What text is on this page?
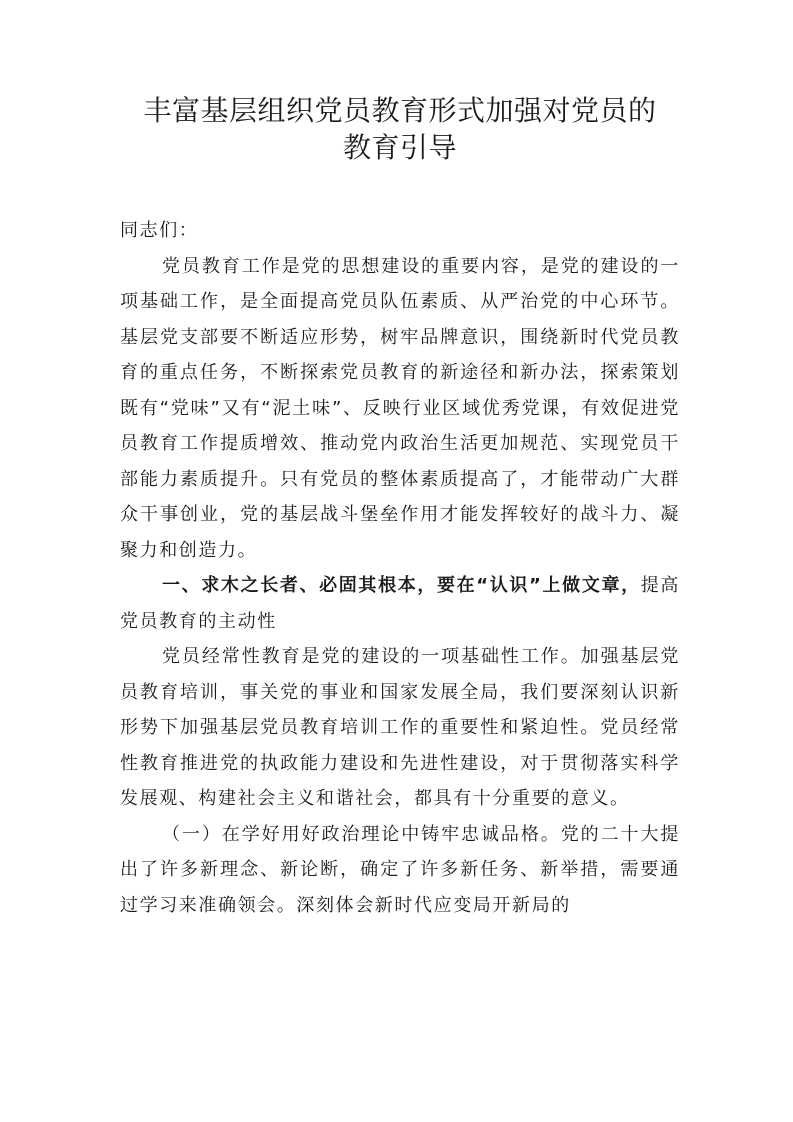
丰富基层组织党员教育形式加强对党员的
教育引导

同志们：

党员教育工作是党的思想建设的重要内容，是党的建设的一项基础工作，是全面提高党员队伍素质、从严治党的中心环节。基层党支部要不断适应形势，树牢品牌意识，围绕新时代党员教育的重点任务，不断探索党员教育的新途径和新办法，探索策划既有“党味”又有“泥土味”、反映行业区域优秀党课，有效促进党员教育工作提质增效、推动党内政治生活更加规范、实现党员干部能力素质提升。只有党员的整体素质提高了，才能带动广大群众干事创业，党的基层战斗堡垒作用才能发挥较好的战斗力、凝聚力和创造力。

一、求木之长者、必固其根本，要在“认识”上做文章，提高党员教育的主动性

党员经常性教育是党的建设的一项基础性工作。加强基层党员教育培训，事关党的事业和国家发展全局，我们要深刻认识新形势下加强基层党员教育培训工作的重要性和紧迫性。党员经常性教育推进党的执政能力建设和先进性建设，对于贯彻落实科学发展观、构建社会主义和谐社会，都具有十分重要的意义。

（一）在学好用好政治理论中铸牢忠诚品格。党的二十大提出了许多新理念、新论断，确定了许多新任务、新举措，需要通过学习来准确领会。深刻体会新时代应变局开新局的
